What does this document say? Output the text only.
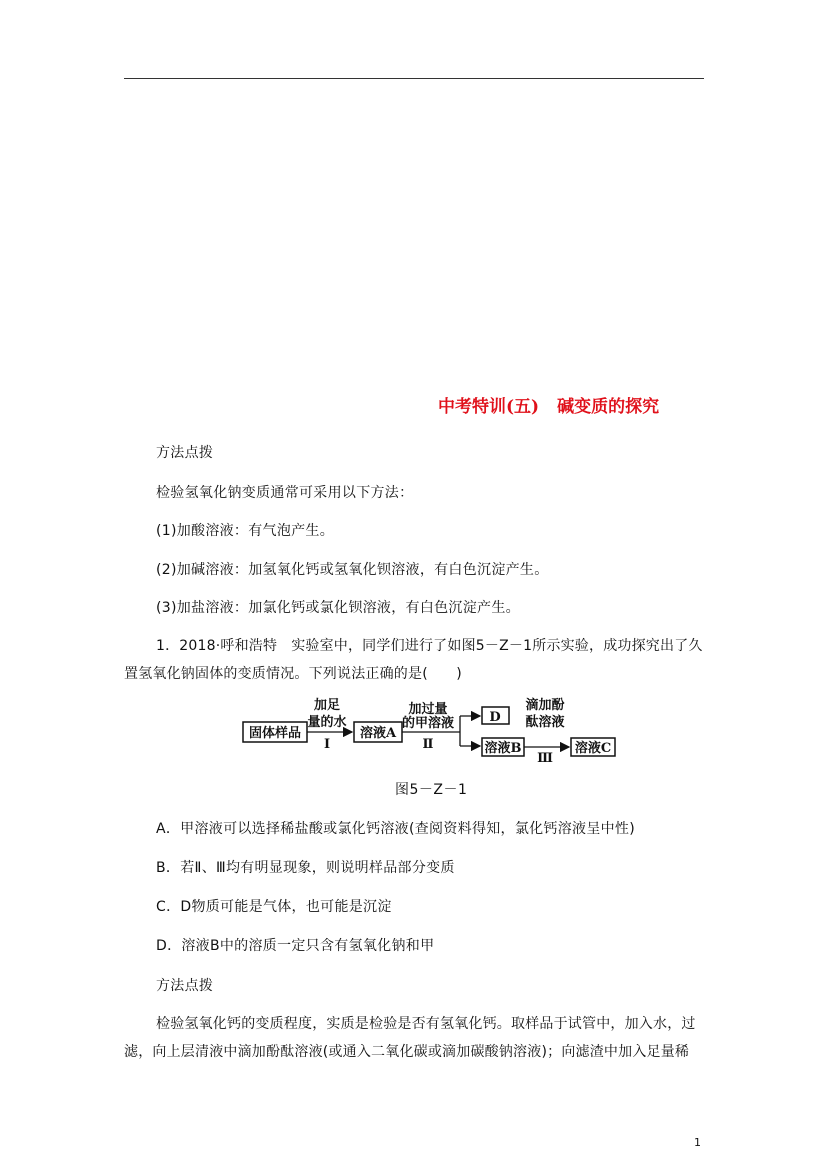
中考特训(五) 碱变质的探究
方法点拨
检验氢氧化钠变质通常可采用以下方法：
(1)加酸溶液：有气泡产生。
(2)加碱溶液：加氢氧化钙或氢氧化钡溶液，有白色沉淀产生。
(3)加盐溶液：加氯化钙或氯化钡溶液，有白色沉淀产生。
1．2018·呼和浩特 实验室中，同学们进行了如图5－Z－1所示实验，成功探究出了久置氢氧化钠固体的变质情况。下列说法正确的是(　　)
固体样品
加足
量的水
Ⅰ
溶液A
加过量
的甲溶液
Ⅱ
D
溶液B
滴加酚
酞溶液
Ⅲ
溶液C
图5－Z－1
A．甲溶液可以选择稀盐酸或氯化钙溶液(查阅资料得知，氯化钙溶液呈中性)
B．若Ⅱ、Ⅲ均有明显现象，则说明样品部分变质
C．D物质可能是气体，也可能是沉淀
D．溶液B中的溶质一定只含有氢氧化钠和甲
方法点拨
检验氢氧化钙的变质程度，实质是检验是否有氢氧化钙。取样品于试管中，加入水，过滤，向上层清液中滴加酚酞溶液(或通入二氧化碳或滴加碳酸钠溶液)；向滤渣中加入足量稀
1
